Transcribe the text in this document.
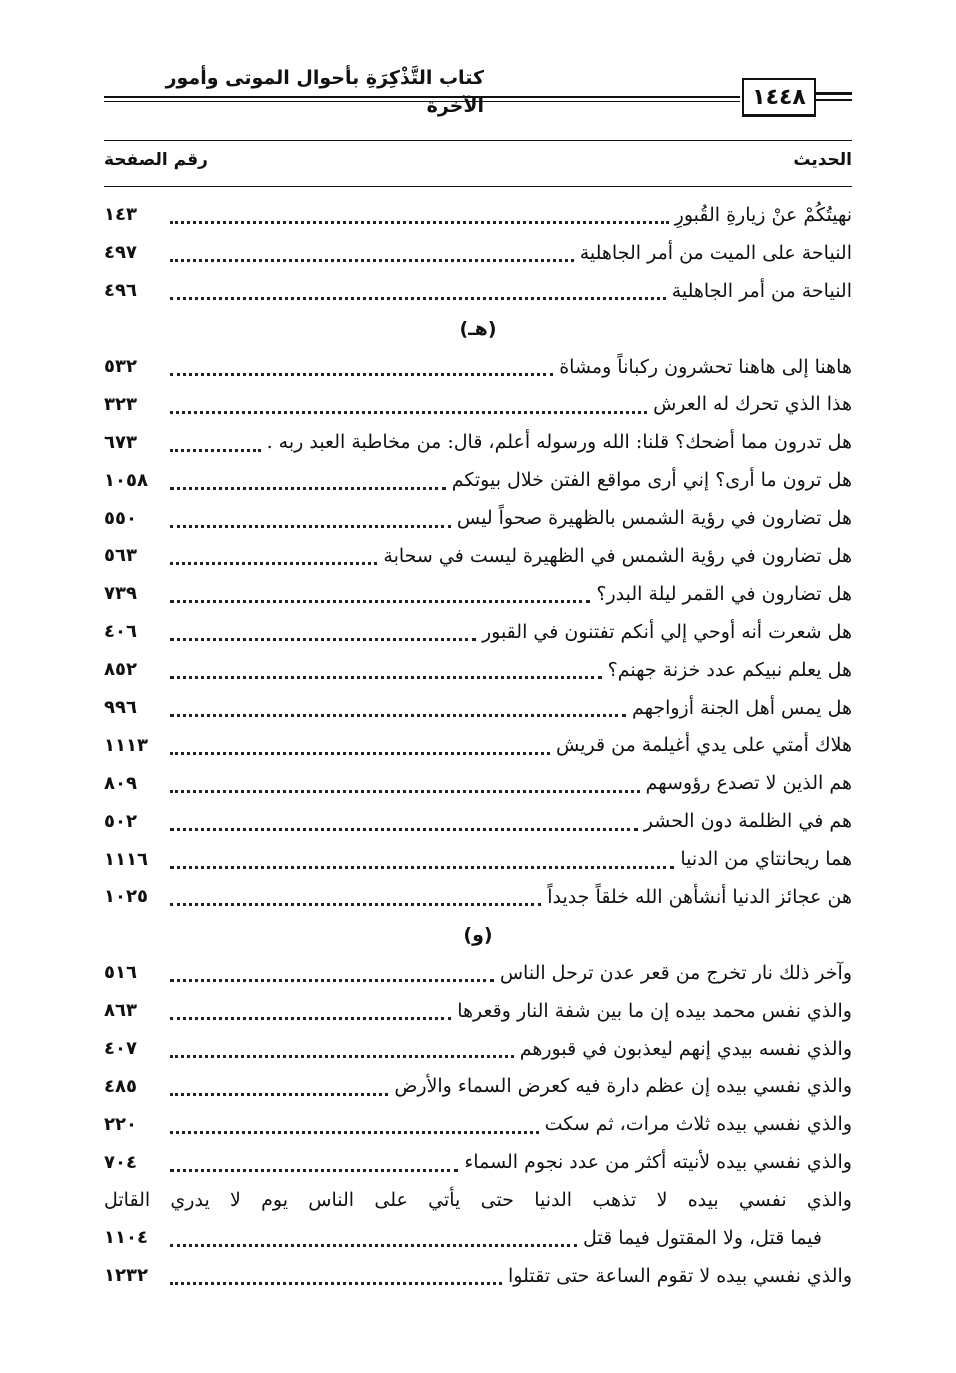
كتاب التَّذْكِرَةِ بأحوال الموتى وأمور الآخرة	١٤٤٨
الحديث
رقم الصفحة
نهيتُكُمْ عنْ زيارةِ القُبورِ
١٤٣
النياحة على الميت من أمر الجاهلية
٤٩٧
النياحة من أمر الجاهلية
٤٩٦
(هـ)
هاهنا إلى هاهنا تحشرون ركباناً ومشاة
٥٣٢
هذا الذي تحرك له العرش
٣٢٣
هل تدرون مما أضحك؟ قلنا: الله ورسوله أعلم، قال: من مخاطبة العبد ربه .
٦٧٣
هل ترون ما أرى؟ إني أرى مواقع الفتن خلال بيوتكم
١٠٥٨
هل تضارون في رؤية الشمس بالظهيرة صحواً ليس
٥٥٠
هل تضارون في رؤية الشمس في الظهيرة ليست في سحابة
٥٦٣
هل تضارون في القمر ليلة البدر؟
٧٣٩
هل شعرت أنه أوحي إلي أنكم تفتنون في القبور
٤٠٦
هل يعلم نبيكم عدد خزنة جهنم؟
٨٥٢
هل يمس أهل الجنة أزواجهم
٩٩٦
هلاك أمتي على يدي أغيلمة من قريش
١١١٣
هم الذين لا تصدع رؤوسهم
٨٠٩
هم في الظلمة دون الحشر
٥٠٢
هما ريحانتاي من الدنيا
١١١٦
هن عجائز الدنيا أنشأهن الله خلقاً جديداً
١٠٢٥
(و)
وآخر ذلك نار تخرج من قعر عدن ترحل الناس
٥١٦
والذي نفس محمد بيده إن ما بين شفة النار وقعرها
٨٦٣
والذي نفسه بيدي إنهم ليعذبون في قبورهم
٤٠٧
والذي نفسي بيده إن عظم دارة فيه كعرض السماء والأرض
٤٨٥
والذي نفسي بيده ثلاث مرات، ثم سكت
٢٢٠
والذي نفسي بيده لأنيته أكثر من عدد نجوم السماء
٧٠٤
والذي نفسي بيده لا تذهب الدنيا حتى يأتي على الناس يوم لا يدري القاتل
فيما قتل، ولا المقتول فيما قتل
١١٠٤
والذي نفسي بيده لا تقوم الساعة حتى تقتلوا
١٢٣٢
